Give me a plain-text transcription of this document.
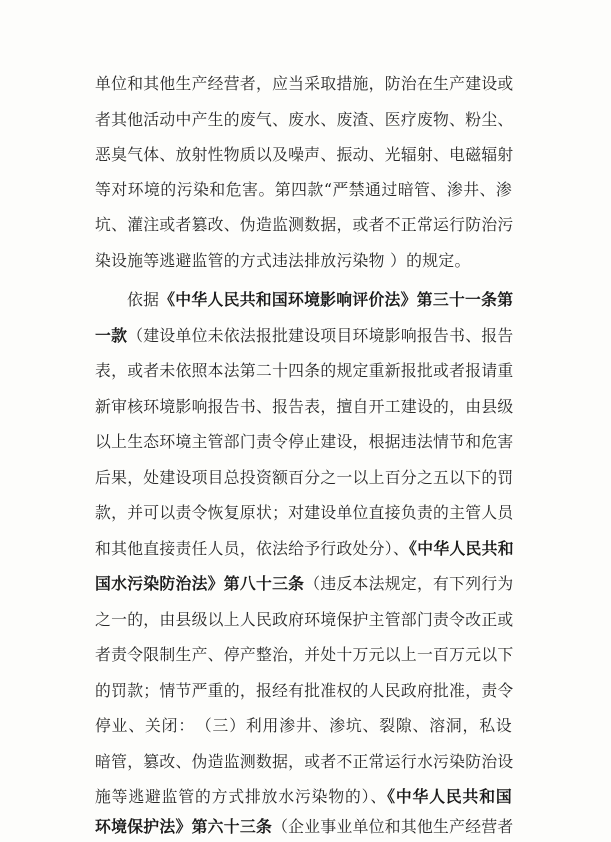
单位和其他生产经营者，应当采取措施，防治在生产建设或
者其他活动中产生的废气、废水、废渣、医疗废物、粉尘、
恶臭气体、放射性物质以及噪声、振动、光辐射、电磁辐射
等对环境的污染和危害。第四款“严禁通过暗管、渗井、渗
坑、灌注或者篡改、伪造监测数据，或者不正常运行防治污
染设施等逃避监管的方式违法排放污染物 ）的规定。
依据《中华人民共和国环境影响评价法》第三十一条第
一款（建设单位未依法报批建设项目环境影响报告书、报告
表，或者未依照本法第二十四条的规定重新报批或者报请重
新审核环境影响报告书、报告表，擅自开工建设的，由县级
以上生态环境主管部门责令停止建设，根据违法情节和危害
后果，处建设项目总投资额百分之一以上百分之五以下的罚
款，并可以责令恢复原状；对建设单位直接负责的主管人员
和其他直接责任人员，依法给予行政处分）、《中华人民共和
国水污染防治法》第八十三条（违反本法规定，有下列行为
之一的，由县级以上人民政府环境保护主管部门责令改正或
者责令限制生产、停产整治，并处十万元以上一百万元以下
的罚款；情节严重的，报经有批准权的人民政府批准，责令
停业、关闭：　（三）利用渗井、渗坑、裂隙、溶洞，私设
暗管，篡改、伪造监测数据，或者不正常运行水污染防治设
施等逃避监管的方式排放水污染物的）、《中华人民共和国
环境保护法》第六十三条（企业事业单位和其他生产经营者
